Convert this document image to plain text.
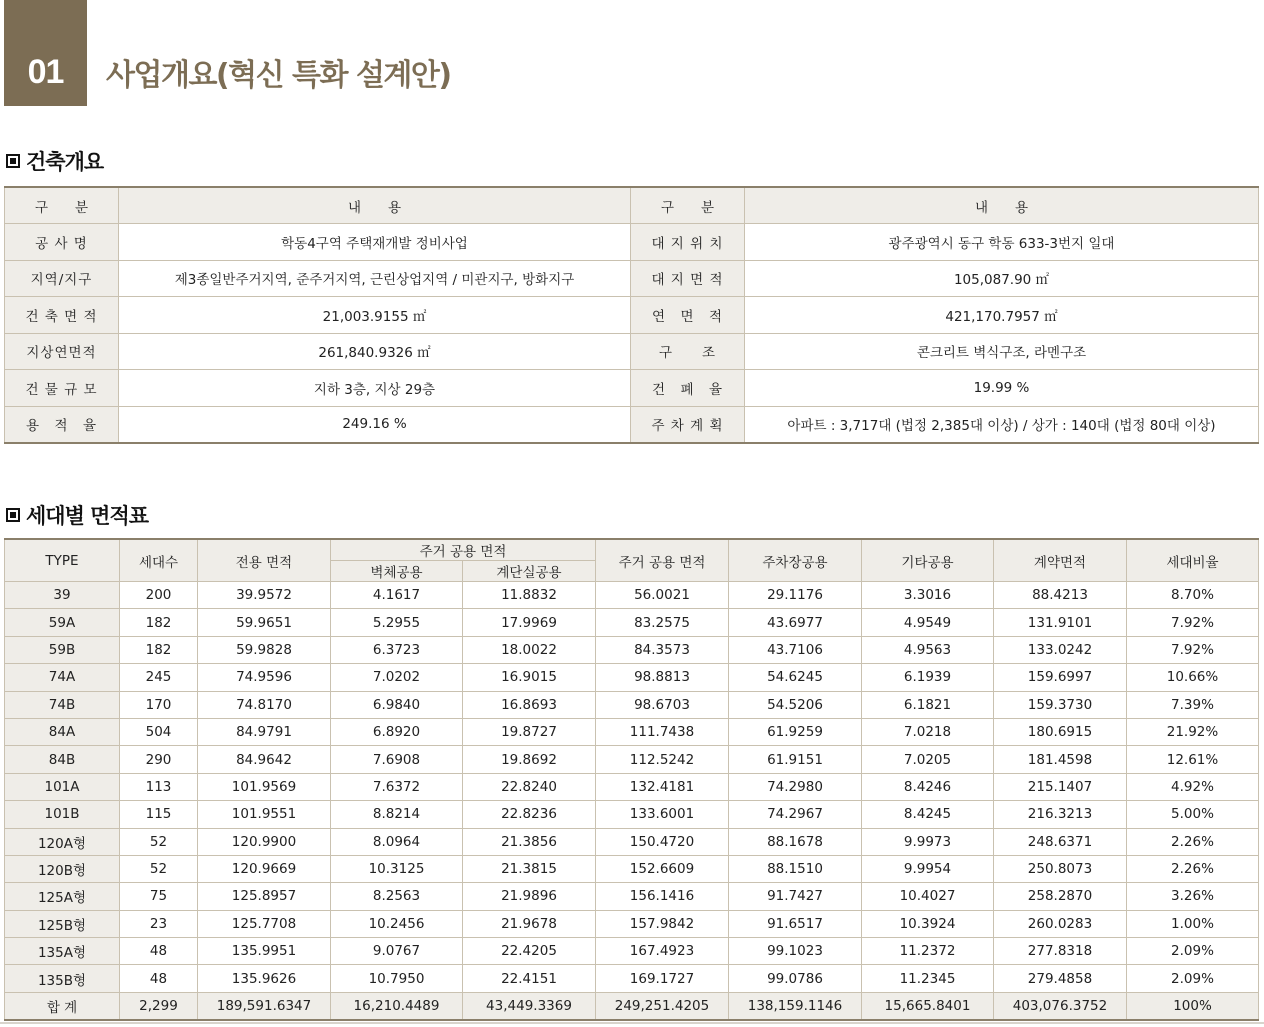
01	사업개요(혁신 특화 설계안)
건축개요
구　　분	내　　용	구　　분	내　　용
공 사 명	학동4구역 주택재개발 정비사업	대 지 위 치	광주광역시 동구 학동 633-3번지 일대
지역/지구	제3종일반주거지역, 준주거지역, 근린상업지역 / 미관지구, 방화지구	대 지 면 적	105,087.90 ㎡
건 축 면 적	21,003.9155 ㎡	연　면　적	421,170.7957 ㎡
지상연면적	261,840.9326 ㎡	구　　조	콘크리트 벽식구조, 라멘구조
건 물 규 모	지하 3층, 지상 29층	건　폐　율	19.99 %
용　적　율	249.16 %	주 차 계 획	아파트 : 3,717대 (법정 2,385대 이상) / 상가 : 140대 (법정 80대 이상)
세대별 면적표
TYPE	세대수	전용 면적	주거 공용 면적		주거 공용 면적	주차장공용	기타공용	계약면적	세대비율
			벽체공용	계단실공용					
39	200	39.9572	4.1617	11.8832	56.0021	29.1176	3.3016	88.4213	8.70%
59A	182	59.9651	5.2955	17.9969	83.2575	43.6977	4.9549	131.9101	7.92%
59B	182	59.9828	6.3723	18.0022	84.3573	43.7106	4.9563	133.0242	7.92%
74A	245	74.9596	7.0202	16.9015	98.8813	54.6245	6.1939	159.6997	10.66%
74B	170	74.8170	6.9840	16.8693	98.6703	54.5206	6.1821	159.3730	7.39%
84A	504	84.9791	6.8920	19.8727	111.7438	61.9259	7.0218	180.6915	21.92%
84B	290	84.9642	7.6908	19.8692	112.5242	61.9151	7.0205	181.4598	12.61%
101A	113	101.9569	7.6372	22.8240	132.4181	74.2980	8.4246	215.1407	4.92%
101B	115	101.9551	8.8214	22.8236	133.6001	74.2967	8.4245	216.3213	5.00%
120A형	52	120.9900	8.0964	21.3856	150.4720	88.1678	9.9973	248.6371	2.26%
120B형	52	120.9669	10.3125	21.3815	152.6609	88.1510	9.9954	250.8073	2.26%
125A형	75	125.8957	8.2563	21.9896	156.1416	91.7427	10.4027	258.2870	3.26%
125B형	23	125.7708	10.2456	21.9678	157.9842	91.6517	10.3924	260.0283	1.00%
135A형	48	135.9951	9.0767	22.4205	167.4923	99.1023	11.2372	277.8318	2.09%
135B형	48	135.9626	10.7950	22.4151	169.1727	99.0786	11.2345	279.4858	2.09%
합 계	2,299	189,591.6347	16,210.4489	43,449.3369	249,251.4205	138,159.1146	15,665.8401	403,076.3752	100%
